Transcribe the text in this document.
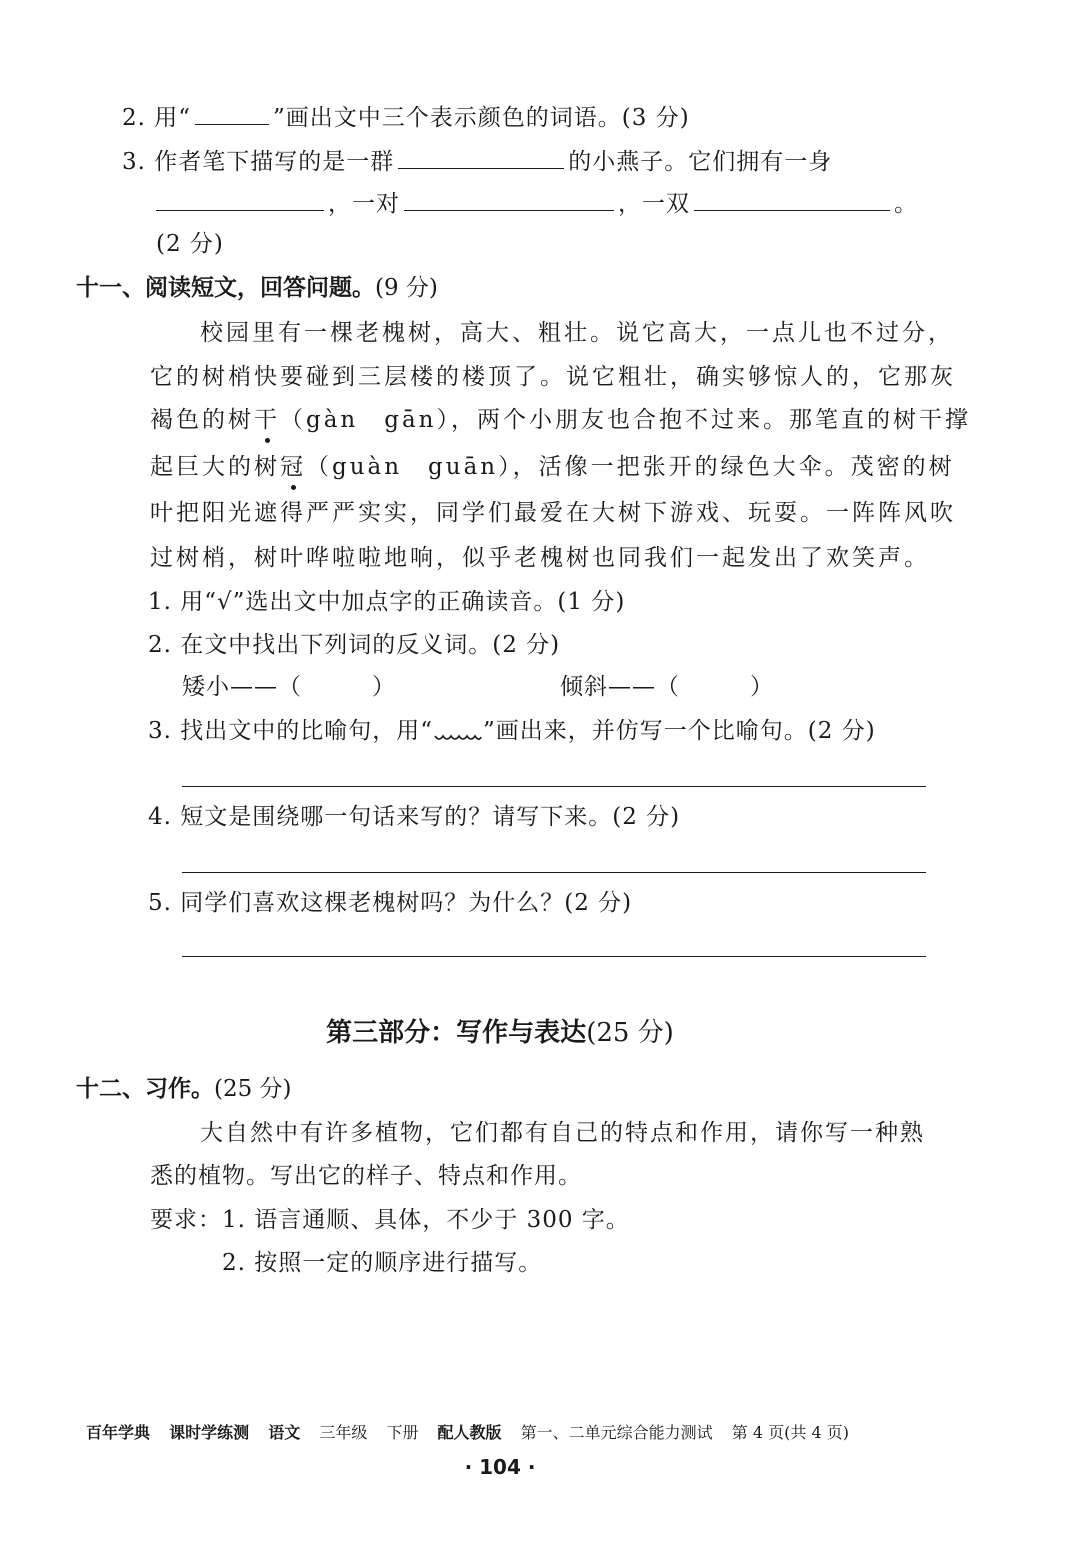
2. 用“	”画出文中三个表示颜色的词语。(3 分)
3. 作者笔下描写的是一群	的小燕子。它们拥有一身
，一对	，一双	。
(2 分)
十一、阅读短文，回答问题。(9 分)
校园里有一棵老槐树，高大、粗壮。说它高大，一点儿也不过分，
它的树梢快要碰到三层楼的楼顶了。说它粗壮，确实够惊人的，它那灰
褐色的树干（gàn　gān），两个小朋友也合抱不过来。那笔直的树干撑
起巨大的树冠（guàn　guān），活像一把张开的绿色大伞。茂密的树
叶把阳光遮得严严实实，同学们最爱在大树下游戏、玩耍。一阵阵风吹
过树梢，树叶哗啦啦地响，似乎老槐树也同我们一起发出了欢笑声。
1. 用“√”选出文中加点字的正确读音。(1 分)
2. 在文中找出下列词的反义词。(2 分)
矮小——（	）	倾斜——（	）
3. 找出文中的比喻句，用“ ”画出来，并仿写一个比喻句。(2 分)
4. 短文是围绕哪一句话来写的？请写下来。(2 分)
5. 同学们喜欢这棵老槐树吗？为什么？(2 分)
第三部分：写作与表达(25 分)
十二、习作。(25 分)
大自然中有许多植物，它们都有自己的特点和作用，请你写一种熟
悉的植物。写出它的样子、特点和作用。
要求：1. 语言通顺、具体，不少于 300 字。
2. 按照一定的顺序进行描写。
百年学典 课时学练测 语文 三年级 下册 配人教版 第一、二单元综合能力测试 第 4 页(共 4 页)
· 104 ·
